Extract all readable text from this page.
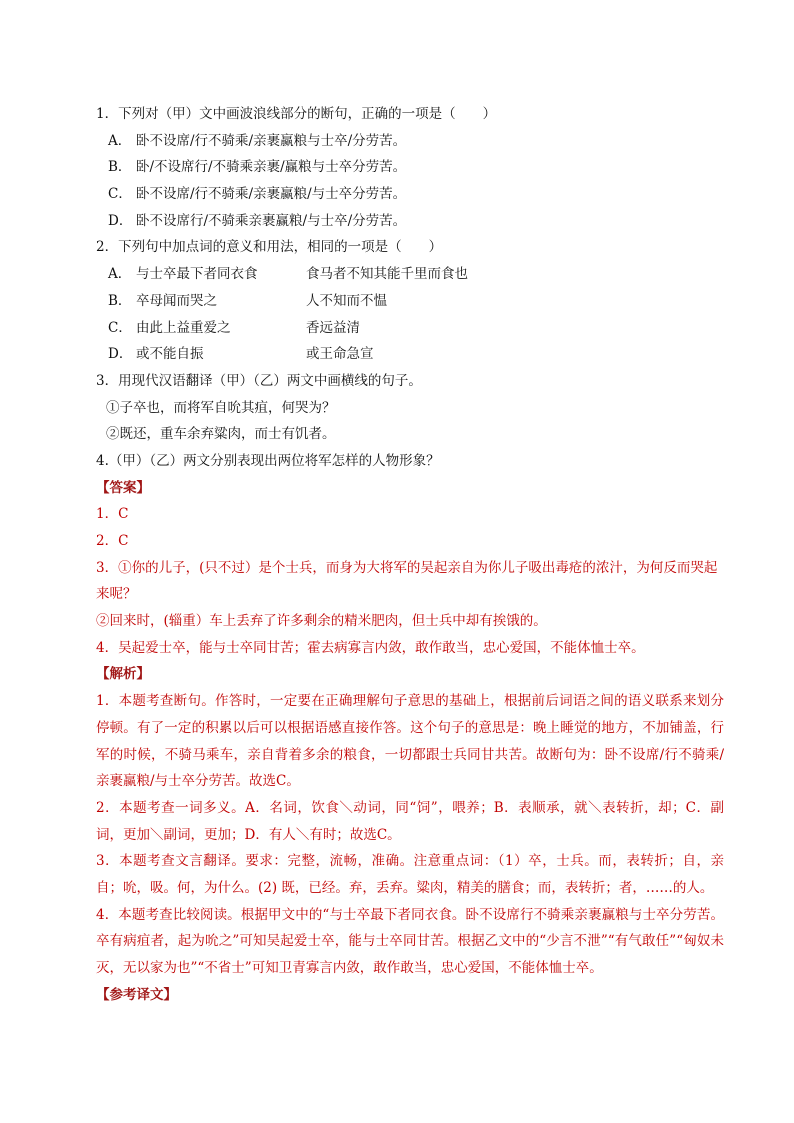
1．下列对（甲）文中画波浪线部分的断句，正确的一项是（　　）
A． 卧不设席/行不骑乘/亲裹赢粮与士卒/分劳苦。
B． 卧/不设席行/不骑乘亲裹/赢粮与士卒分劳苦。
C． 卧不设席/行不骑乘/亲裹赢粮/与士卒分劳苦。
D． 卧不设席行/不骑乘亲裹赢粮/与士卒/分劳苦。
2．下列句中加点词的意义和用法，相同的一项是（　　）
A． 与士卒最下者同衣食	食马者不知其能千里而食也
B． 卒母闻而哭之	人不知而不愠
C． 由此上益重爱之	香远益清
D． 或不能自振	或王命急宣
3．用现代汉语翻译（甲）（乙）两文中画横线的句子。
①子卒也，而将军自吮其疽，何哭为？
②既还，重车余弃粱肉，而士有饥者。
4.（甲）（乙）两文分别表现出两位将军怎样的人物形象？
【答案】
1．C
2．C
3．①你的儿子，(只不过）是个士兵，而身为大将军的吴起亲自为你儿子吸出毒疮的浓汁，为何反而哭起
来呢？
②回来时，(辎重）车上丢弃了许多剩余的精米肥肉，但士兵中却有挨饿的。
4．吴起爱士卒，能与士卒同甘苦；霍去病寡言内敛，敢作敢当，忠心爱国，不能体恤士卒。
【解析】
1．本题考查断句。作答时，一定要在正确理解句子意思的基础上，根据前后词语之间的语义联系来划分停顿。有了一定的积累以后可以根据语感直接作答。这个句子的意思是：晚上睡觉的地方，不加铺盖，行军的时候，不骑马乘车，亲自背着多余的粮食，一切都跟士兵同甘共苦。故断句为：卧不设席/行不骑乘/亲裹赢粮/与士卒分劳苦。故选C。
2．本题考查一词多义。A．名词，饮食＼动词，同“饲”，喂养；B．表顺承，就＼表转折，却；C．副词，更加＼副词，更加；D．有人＼有时；故选C。
3．本题考查文言翻译。要求：完整，流畅，准确。注意重点词：（1）卒，士兵。而，表转折；自，亲自；吮，吸。何，为什么。(2) 既，已经。弃，丢弃。粱肉，精美的膳食；而，表转折；者，……的人。
4．本题考查比较阅读。根据甲文中的“与士卒最下者同衣食。卧不设席行不骑乘亲裹赢粮与士卒分劳苦。卒有病疽者，起为吮之”可知吴起爱士卒，能与士卒同甘苦。根据乙文中的“少言不泄”“有气敢任”“匈奴未灭，无以家为也”“不省士”可知卫青寡言内敛，敢作敢当，忠心爱国，不能体恤士卒。
【参考译文】
